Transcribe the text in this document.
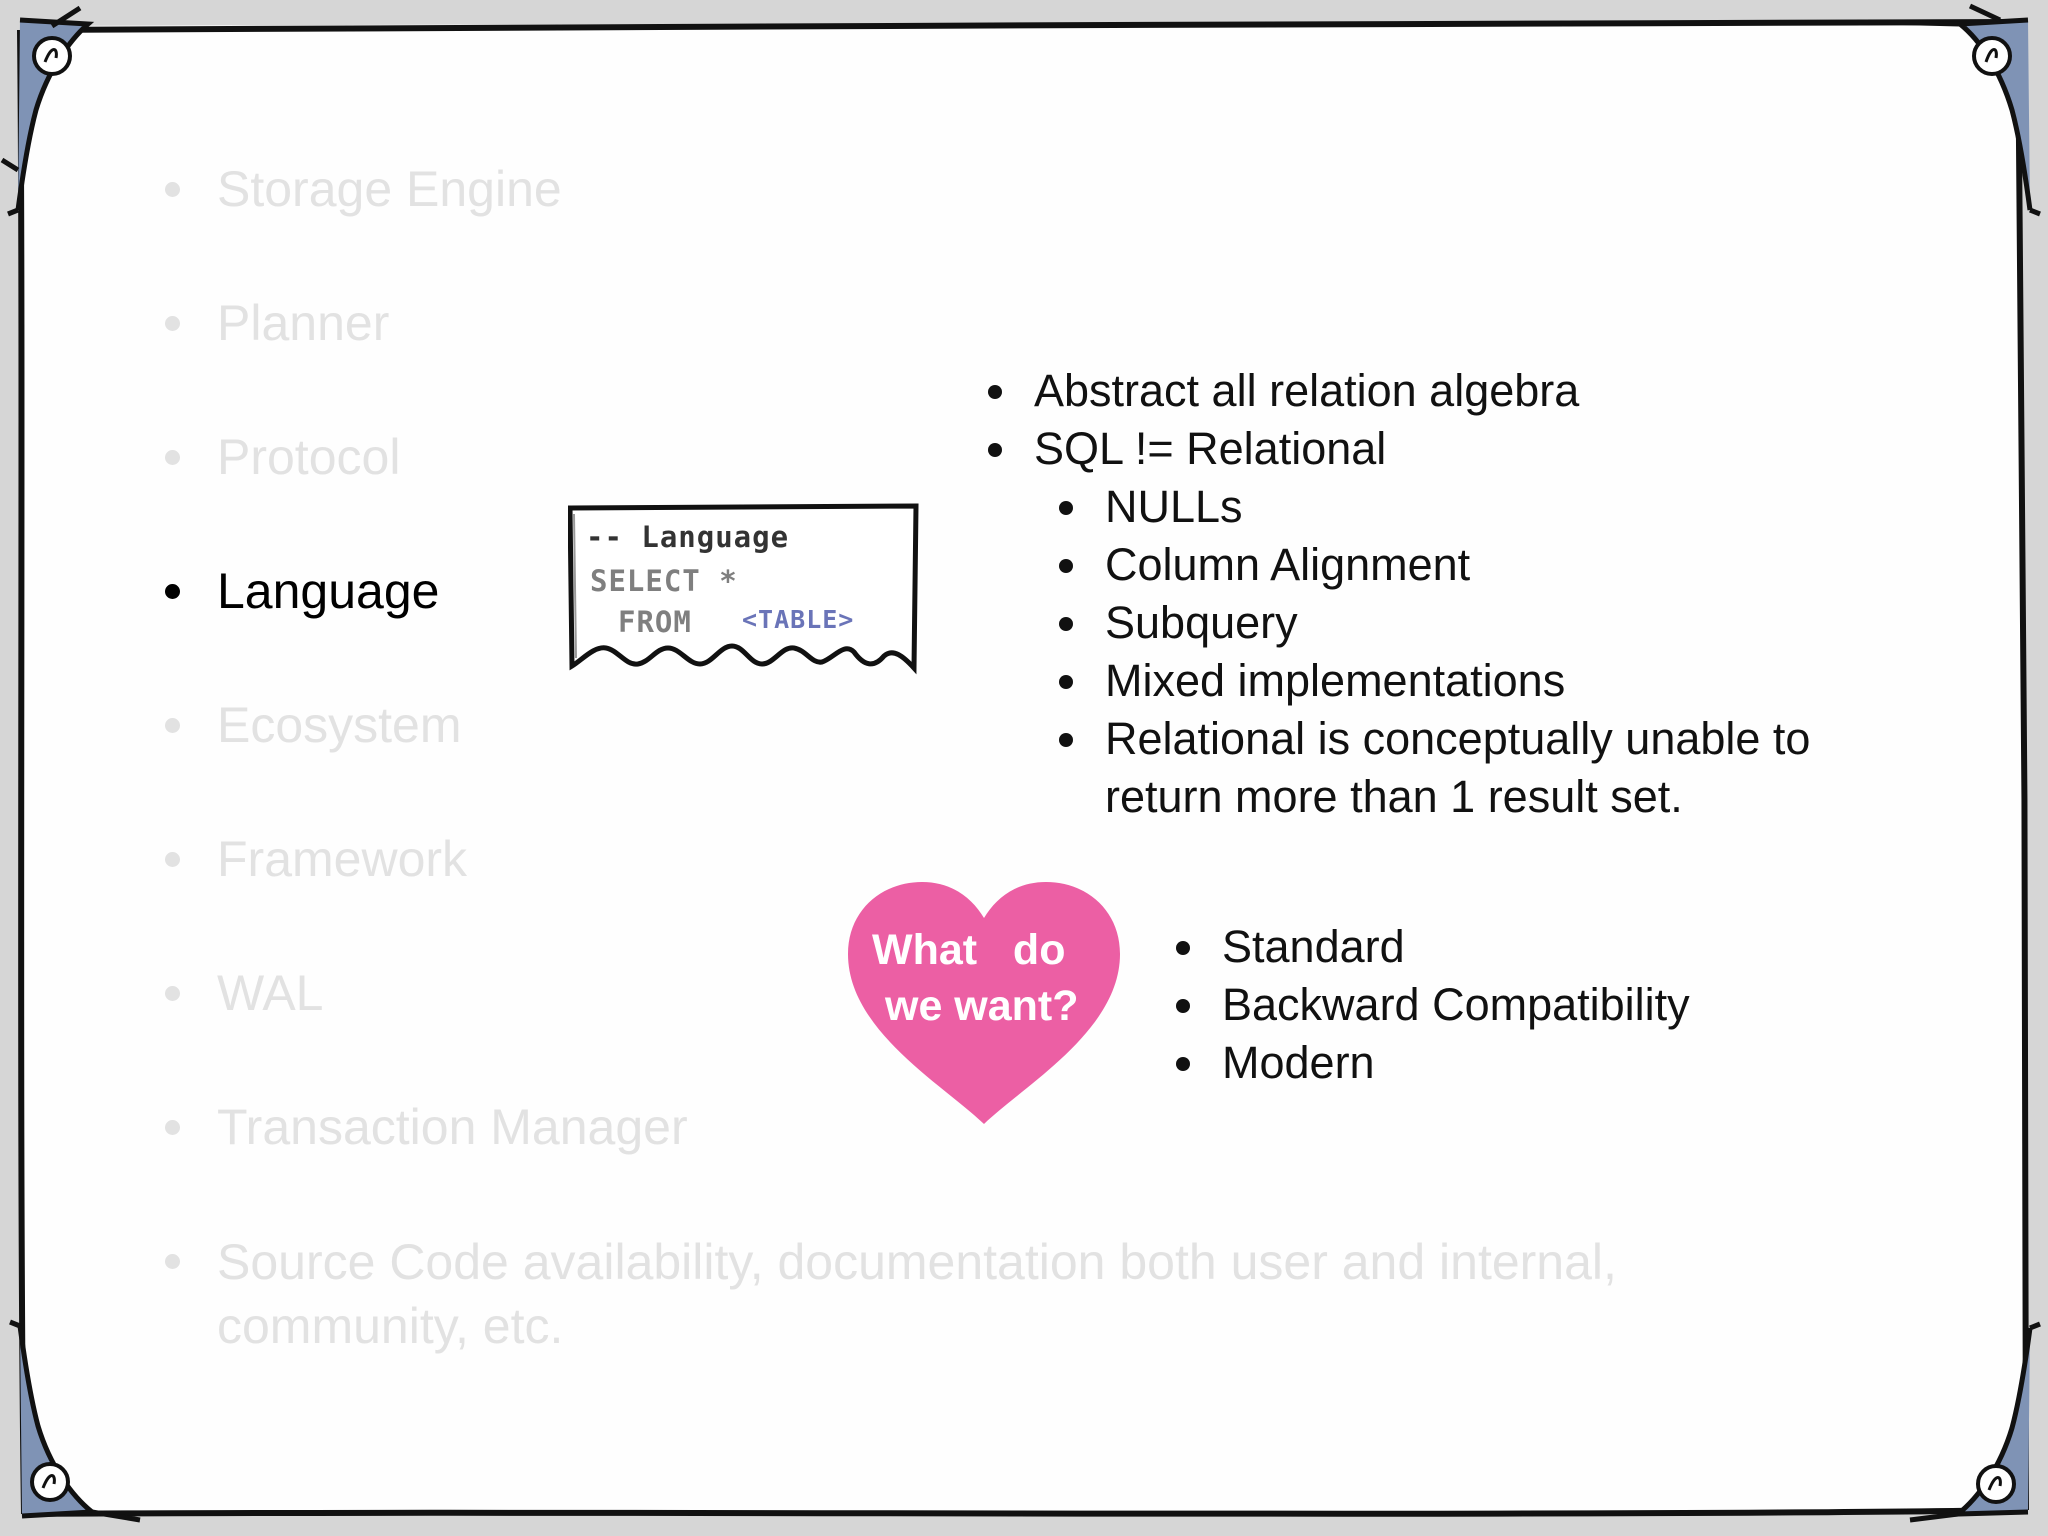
Storage Engine
Planner
Protocol
Language
Ecosystem
Framework
WAL
Transaction Manager
Source Code availability, documentation both user and internal, community, etc.
-- Language
SELECT *
FROM <TABLE>
Abstract all relation algebra
SQL != Relational
NULLs
Column Alignment
Subquery
Mixed implementations
Relational is conceptually unable to return more than 1 result set.
What   do
we want?
Standard
Backward Compatibility
Modern
